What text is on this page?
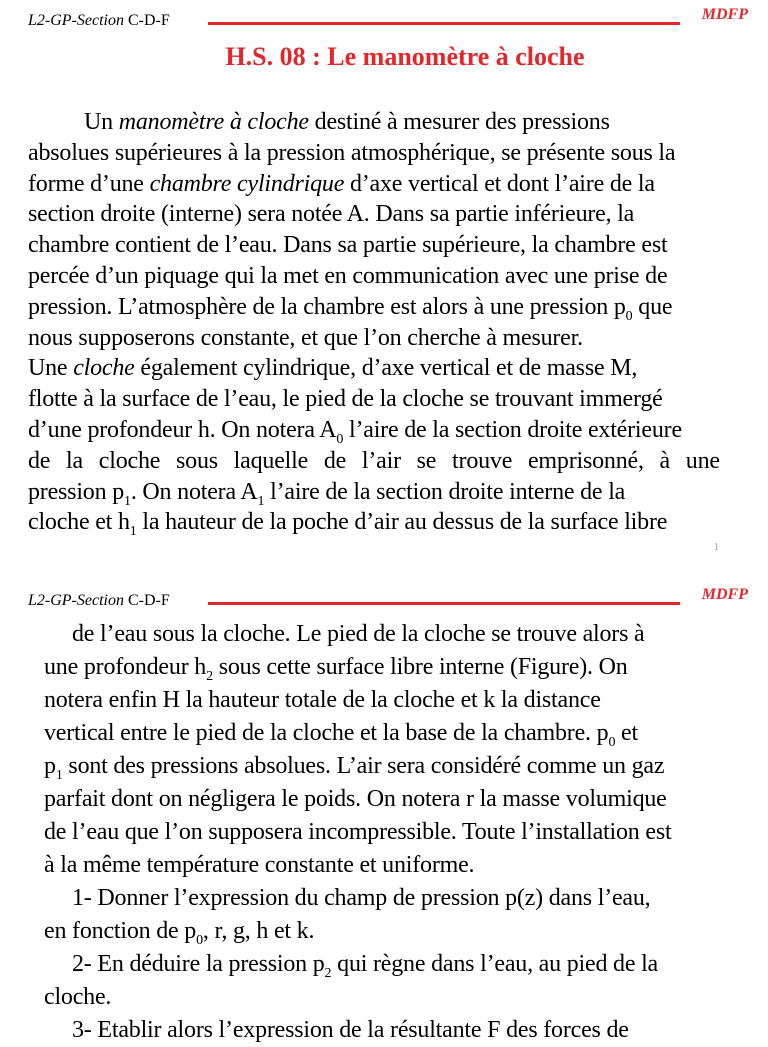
L2-GP-Section C-D-F	MDFP
H.S. 08 : Le manomètre à cloche
Un manomètre à cloche destiné à mesurer des pressions
absolues supérieures à la pression atmosphérique, se présente sous la
forme d’une chambre cylindrique d’axe vertical et dont l’aire de la
section droite (interne) sera notée A. Dans sa partie inférieure, la
chambre contient de l’eau. Dans sa partie supérieure, la chambre est
percée d’un piquage qui la met en communication avec une prise de
pression. L’atmosphère de la chambre est alors à une pression $p_0$ que
nous supposerons constante, et que l’on cherche à mesurer.
Une cloche également cylindrique, d’axe vertical et de masse M,
flotte à la surface de l’eau, le pied de la cloche se trouvant immergé
d’une profondeur h. On notera $A_0$ l’aire de la section droite extérieure
de la cloche sous laquelle de l’air se trouve emprisonné, à une
pression $p_1$. On notera $A_1$ l’aire de la section droite interne de la
cloche et $h_1$ la hauteur de la poche d’air au dessus de la surface libre
1
L2-GP-Section C-D-F	MDFP
de l’eau sous la cloche. Le pied de la cloche se trouve alors à
une profondeur $h_2$ sous cette surface libre interne (Figure). On
notera enfin H la hauteur totale de la cloche et k la distance
vertical entre le pied de la cloche et la base de la chambre. $p_0$ et
$p_1$ sont des pressions absolues. L’air sera considéré comme un gaz
parfait dont on négligera le poids. On notera r la masse volumique
de l’eau que l’on supposera incompressible. Toute l’installation est
à la même température constante et uniforme.
1- Donner l’expression du champ de pression p(z) dans l’eau,
en fonction de $p_0$, r, g, h et k.
2- En déduire la pression $p_2$ qui règne dans l’eau, au pied de la
cloche.
3- Etablir alors l’expression de la résultante F des forces de
